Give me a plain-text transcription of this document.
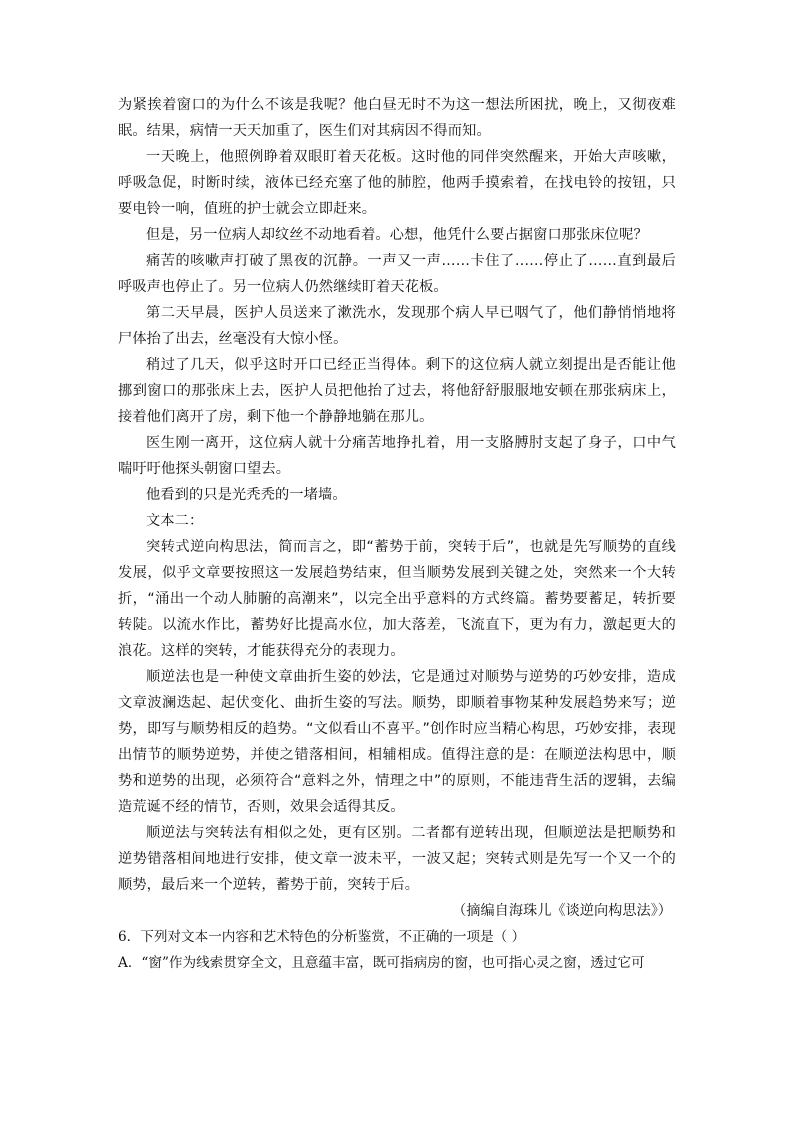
为紧挨着窗口的为什么不该是我呢？他白昼无时不为这一想法所困扰，晚上，又彻夜难眠。结果，病情一天天加重了，医生们对其病因不得而知。

一天晚上，他照例睁着双眼盯着天花板。这时他的同伴突然醒来，开始大声咳嗽，呼吸急促，时断时续，液体已经充塞了他的肺腔，他两手摸索着，在找电铃的按钮，只要电铃一响，值班的护士就会立即赶来。

但是，另一位病人却纹丝不动地看着。心想，他凭什么要占据窗口那张床位呢？

痛苦的咳嗽声打破了黑夜的沉静。一声又一声……卡住了……停止了……直到最后呼吸声也停止了。另一位病人仍然继续盯着天花板。

第二天早晨，医护人员送来了漱洗水，发现那个病人早已咽气了，他们静悄悄地将尸体抬了出去，丝毫没有大惊小怪。

稍过了几天，似乎这时开口已经正当得体。剩下的这位病人就立刻提出是否能让他挪到窗口的那张床上去，医护人员把他抬了过去，将他舒舒服服地安顿在那张病床上，接着他们离开了房，剩下他一个静静地躺在那儿。

医生刚一离开，这位病人就十分痛苦地挣扎着，用一支胳膊肘支起了身子，口中气喘吁吁他探头朝窗口望去。

他看到的只是光秃秃的一堵墙。

文本二：

突转式逆向构思法，简而言之，即“蓄势于前，突转于后”，也就是先写顺势的直线发展，似乎文章要按照这一发展趋势结束，但当顺势发展到关键之处，突然来一个大转折，“涌出一个动人肺腑的高潮来”，以完全出乎意料的方式终篇。蓄势要蓄足，转折要转陡。以流水作比，蓄势好比提高水位，加大落差，飞流直下，更为有力，激起更大的浪花。这样的突转，才能获得充分的表现力。

顺逆法也是一种使文章曲折生姿的妙法，它是通过对顺势与逆势的巧妙安排，造成文章波澜迭起、起伏变化、曲折生姿的写法。顺势，即顺着事物某种发展趋势来写；逆势，即写与顺势相反的趋势。“文似看山不喜平。”创作时应当精心构思，巧妙安排，表现出情节的顺势逆势，并使之错落相间，相辅相成。值得注意的是：在顺逆法构思中，顺势和逆势的出现，必须符合“意料之外，情理之中”的原则，不能违背生活的逻辑，去编造荒诞不经的情节，否则，效果会适得其反。

顺逆法与突转法有相似之处，更有区别。二者都有逆转出现，但顺逆法是把顺势和逆势错落相间地进行安排，使文章一波未平，一波又起；突转式则是先写一个又一个的顺势，最后来一个逆转，蓄势于前，突转于后。

（摘编自海珠儿《谈逆向构思法》）

6．下列对文本一内容和艺术特色的分析鉴赏，不正确的一项是（ ）

A．“窗”作为线索贯穿全文，且意蕴丰富，既可指病房的窗，也可指心灵之窗，透过它可
